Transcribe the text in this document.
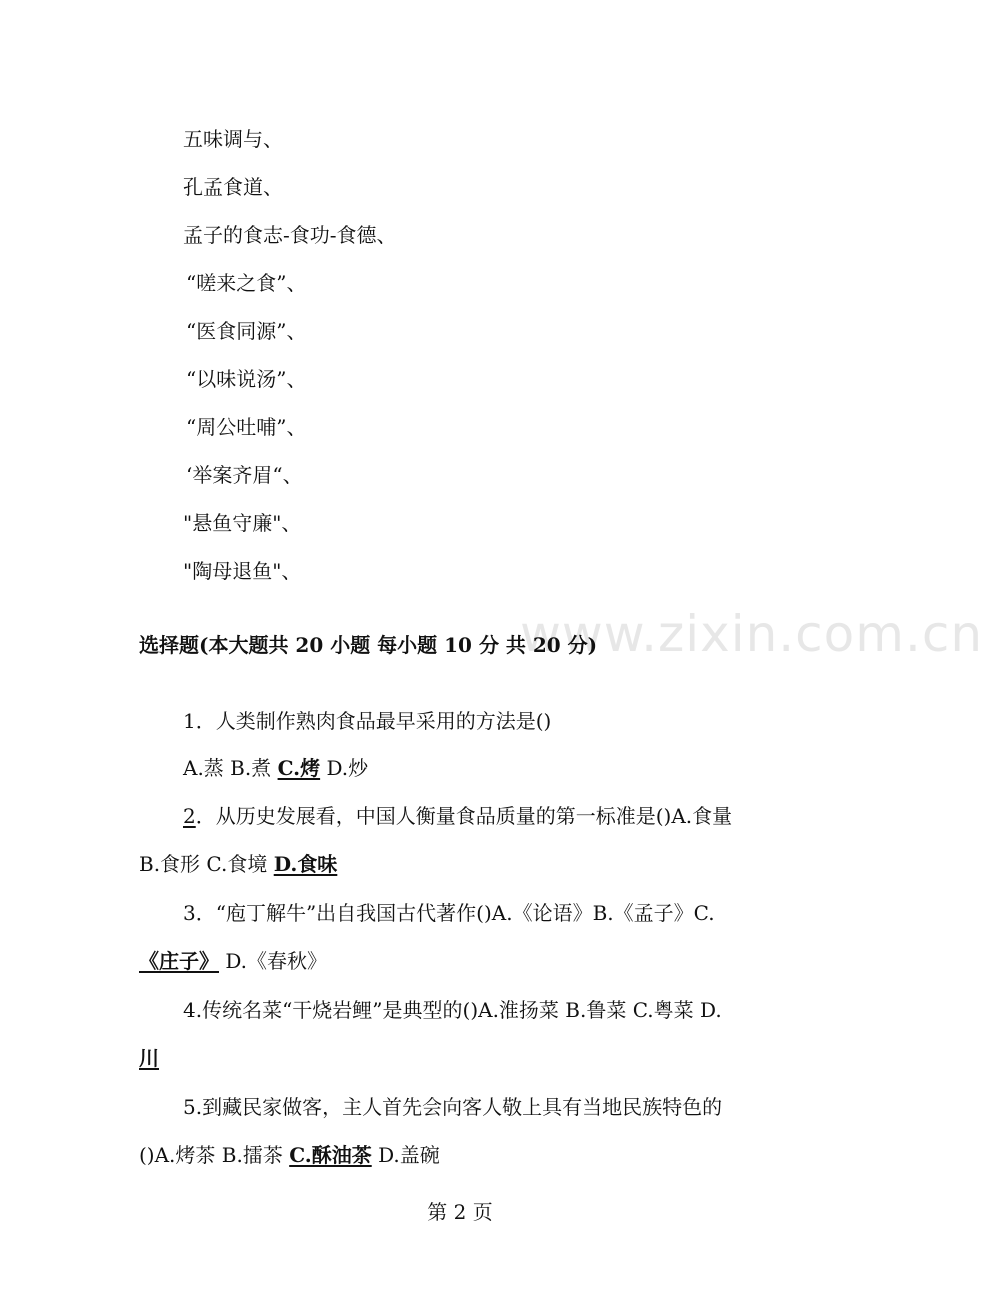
五味调与、
孔孟食道、
孟子的食志-食功-食德、
“嗟来之食”、
“医食同源”、
“以味说汤”、
“周公吐哺”、
‘举案齐眉“、
"悬鱼守廉"、
"陶母退鱼"、
www.zixin.com.cn
选择题(本大题共 20 小题 每小题 10 分 共 20 分)
1．人类制作熟肉食品最早采用的方法是()
A.蒸 B.煮 C.烤 D.炒
2．从历史发展看，中国人衡量食品质量的第一标准是()A.食量
B.食形 C.食境 D.食味
3．“庖丁解牛”出自我国古代著作()A.《论语》B.《孟子》C.
《庄子》 D.《春秋》
4.传统名菜“干烧岩鲤”是典型的()A.淮扬菜 B.鲁菜 C.粤菜 D.
川
5.到藏民家做客，主人首先会向客人敬上具有当地民族特色的
()A.烤茶 B.擂茶 C.酥油茶 D.盖碗
第 2 页
